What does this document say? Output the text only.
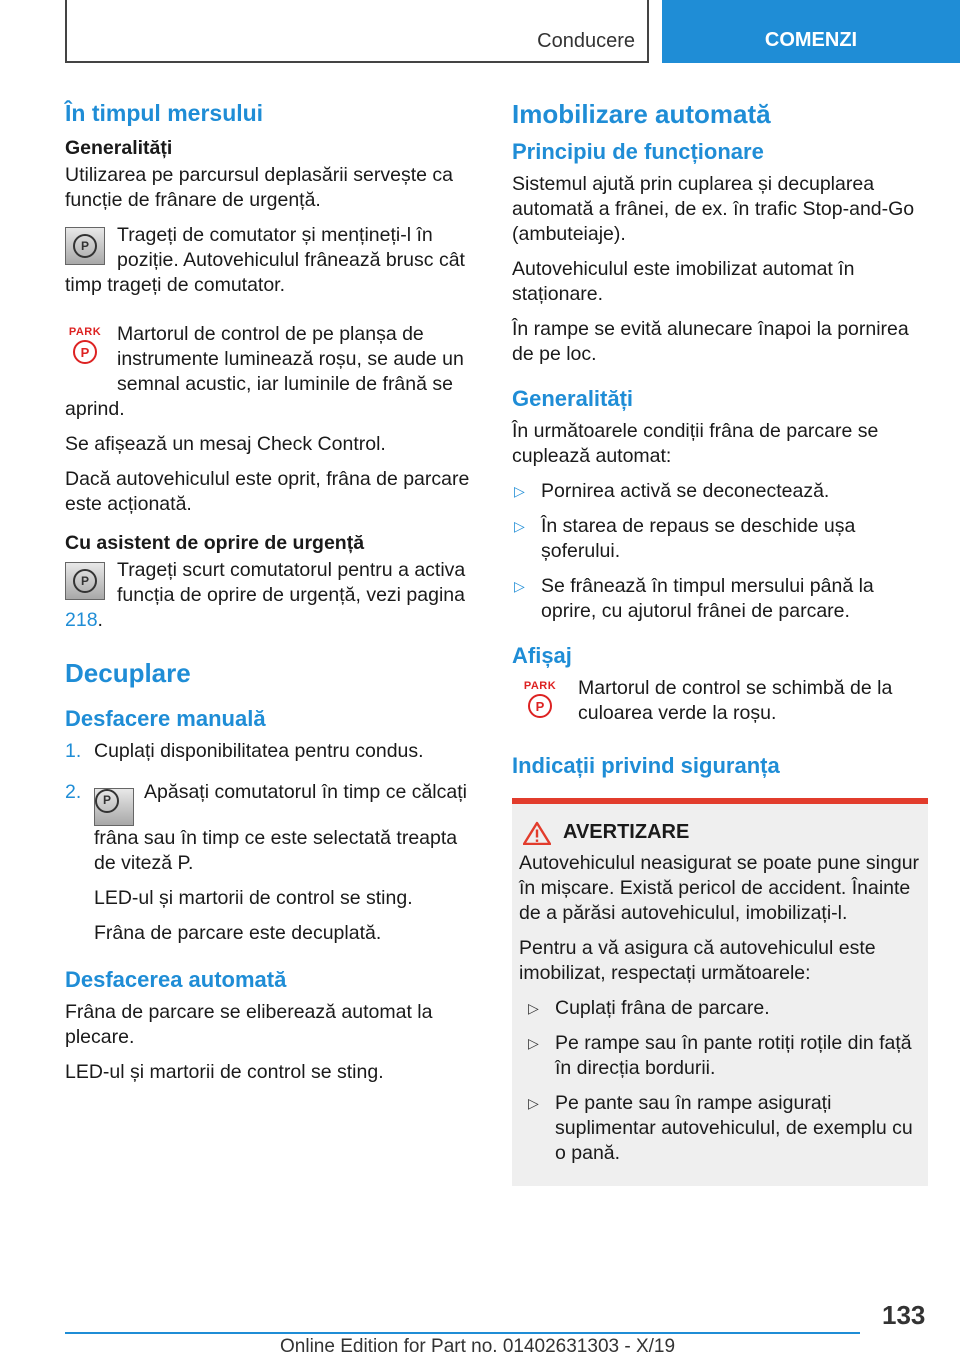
Conducere	COMENZI
În timpul mersului
Generalități

Utilizarea pe parcursul deplasării servește ca funcție de frânare de urgență.

P	Trageți de comutator și mențineți-l în poziție. Autovehiculul frânează brusc cât timp trageți de comutator.
PARK
P
Martorul de control de pe planșa de instrumente luminează roșu, se aude un semnal acustic, iar luminile de frână se aprind.

Se afișează un mesaj Check Control.

Dacă autovehiculul este oprit, frâna de parcare este acționată.

Cu asistent de oprire de urgență
P	Trageți scurt comutatorul pentru a activa funcția de oprire de urgență, vezi pagina 218.
Decuplare
Desfacere manuală
1. Cuplați disponibilitatea pentru condus.
2.	P	Apăsați comutatorul în timp ce călcați frâna sau în timp ce este selectată treapta de viteză P.
LED-ul și martorii de control se sting.
Frâna de parcare este decuplată.
Desfacerea automată

Frâna de parcare se eliberează automat la plecare.

LED-ul și martorii de control se sting.

Imobilizare automată
Principiu de funcționare

Sistemul ajută prin cuplarea și decuplarea automată a frânei, de ex. în trafic Stop-and-Go (ambuteiaje).

Autovehiculul este imobilizat automat în staționare.

În rampe se evită alunecare înapoi la pornirea de pe loc.

Generalități

În următoarele condiții frâna de parcare se cuplează automat:

▷ Pornirea activă se deconectează.
▷ În starea de repaus se deschide ușa șoferului.
▷ Se frânează în timpul mersului până la oprire, cu ajutorul frânei de parcare.
Afișaj
PARK
P
Martorul de control se schimbă de la culoarea verde la roșu.
Indicații privind siguranța
AVERTIZARE

Autovehiculul neasigurat se poate pune singur în mișcare. Există pericol de accident. Înainte de a părăsi autovehiculul, imobilizați-l.

Pentru a vă asigura că autovehiculul este imobilizat, respectați următoarele:

▷ Cuplați frâna de parcare.
▷ Pe rampe sau în pante rotiți roțile din față în direcția bordurii.
▷ Pe pante sau în rampe asigurați suplimentar autovehiculul, de exemplu cu o pană.
133
Online Edition for Part no. 01402631303 - X/19
